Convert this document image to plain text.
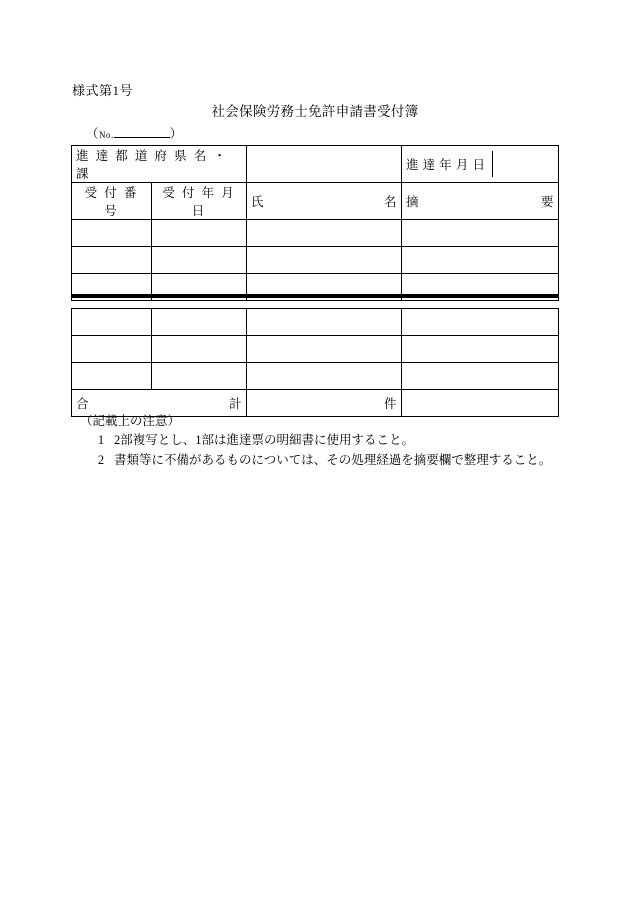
様式第1号
社会保険労務士免許申請書受付簿
（No.	）
進 達 都 道 府 県 名 ・ 課			進 達 年 月 日

受 付 番 号	受 付 年 月 日	氏 名	摘 要

合 計		件	

（記載上の注意）
1 2部複写とし、1部は進達票の明細書に使用すること。
2 書類等に不備があるものについては、その処理経過を摘要欄で整理すること。
